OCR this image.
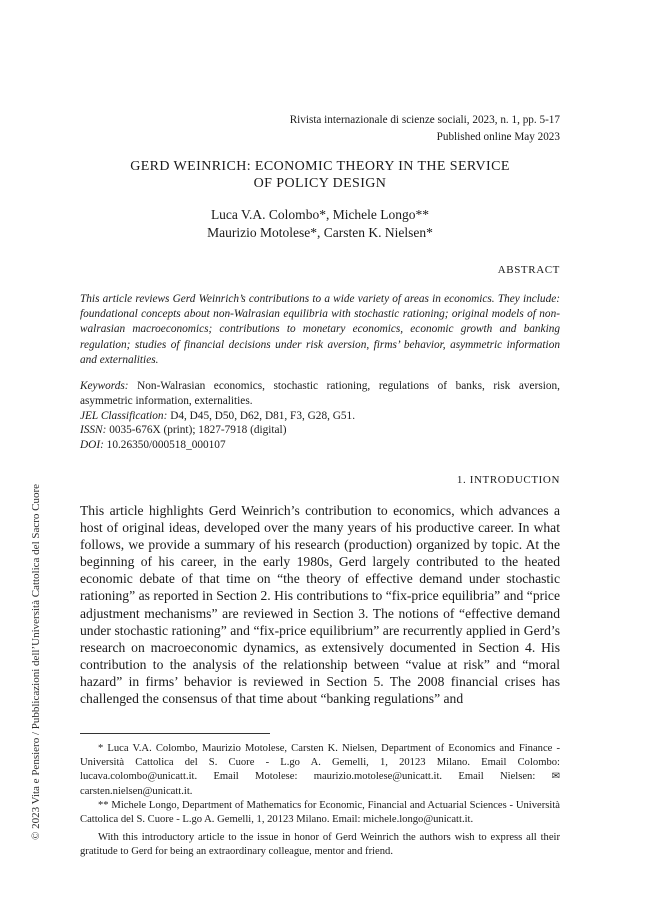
© 2023 Vita e Pensiero / Pubblicazioni dell’Università Cattolica del Sacro Cuore
Rivista internazionale di scienze sociali, 2023, n. 1, pp. 5-17
Published online May 2023
GERD WEINRICH: ECONOMIC THEORY IN THE SERVICE
OF POLICY DESIGN
Luca V.A. Colombo*, Michele Longo**
Maurizio Motolese*, Carsten K. Nielsen*
ABSTRACT
This article reviews Gerd Weinrich’s contributions to a wide variety of areas in economics. They include: foundational concepts about non-Walrasian equilibria with stochastic rationing; original models of non-walrasian macroeconomics; contributions to monetary economics, economic growth and banking regulation; studies of financial decisions under risk aversion, firms’ behavior, asymmetric information and externalities.
Keywords: Non-Walrasian economics, stochastic rationing, regulations of banks, risk aversion, asymmetric information, externalities.
JEL Classification: D4, D45, D50, D62, D81, F3, G28, G51.
ISSN: 0035-676X (print); 1827-7918 (digital)
DOI: 10.26350/000518_000107
1. INTRODUCTION
This article highlights Gerd Weinrich’s contribution to economics, which advances a host of original ideas, developed over the many years of his productive career. In what follows, we provide a summary of his research (production) organized by topic. At the beginning of his career, in the early 1980s, Gerd largely contributed to the heated economic debate of that time on “the theory of effective demand under stochastic rationing” as reported in Section 2. His contributions to “fix-price equilibria” and “price adjustment mechanisms” are reviewed in Section 3. The notions of “effective demand under stochastic rationing” and “fix-price equilibrium” are recurrently applied in Gerd’s research on macroeconomic dynamics, as extensively documented in Section 4. His contribution to the analysis of the relationship between “value at risk” and “moral hazard” in firms’ behavior is reviewed in Section 5. The 2008 financial crises has challenged the consensus of that time about “banking regulations” and

* Luca V.A. Colombo, Maurizio Motolese, Carsten K. Nielsen, Department of Economics and Finance - Università Cattolica del S. Cuore - L.go A. Gemelli, 1, 20123 Milano. Email Colombo: lucava.colombo@unicatt.it. Email Motolese: maurizio.motolese@unicatt.it. Email Nielsen: ✉ carsten.nielsen@unicatt.it.

** Michele Longo, Department of Mathematics for Economic, Financial and Actuarial Sciences - Università Cattolica del S. Cuore - L.go A. Gemelli, 1, 20123 Milano. Email: michele.longo@unicatt.it.

With this introductory article to the issue in honor of Gerd Weinrich the authors wish to express all their gratitude to Gerd for being an extraordinary colleague, mentor and friend.
